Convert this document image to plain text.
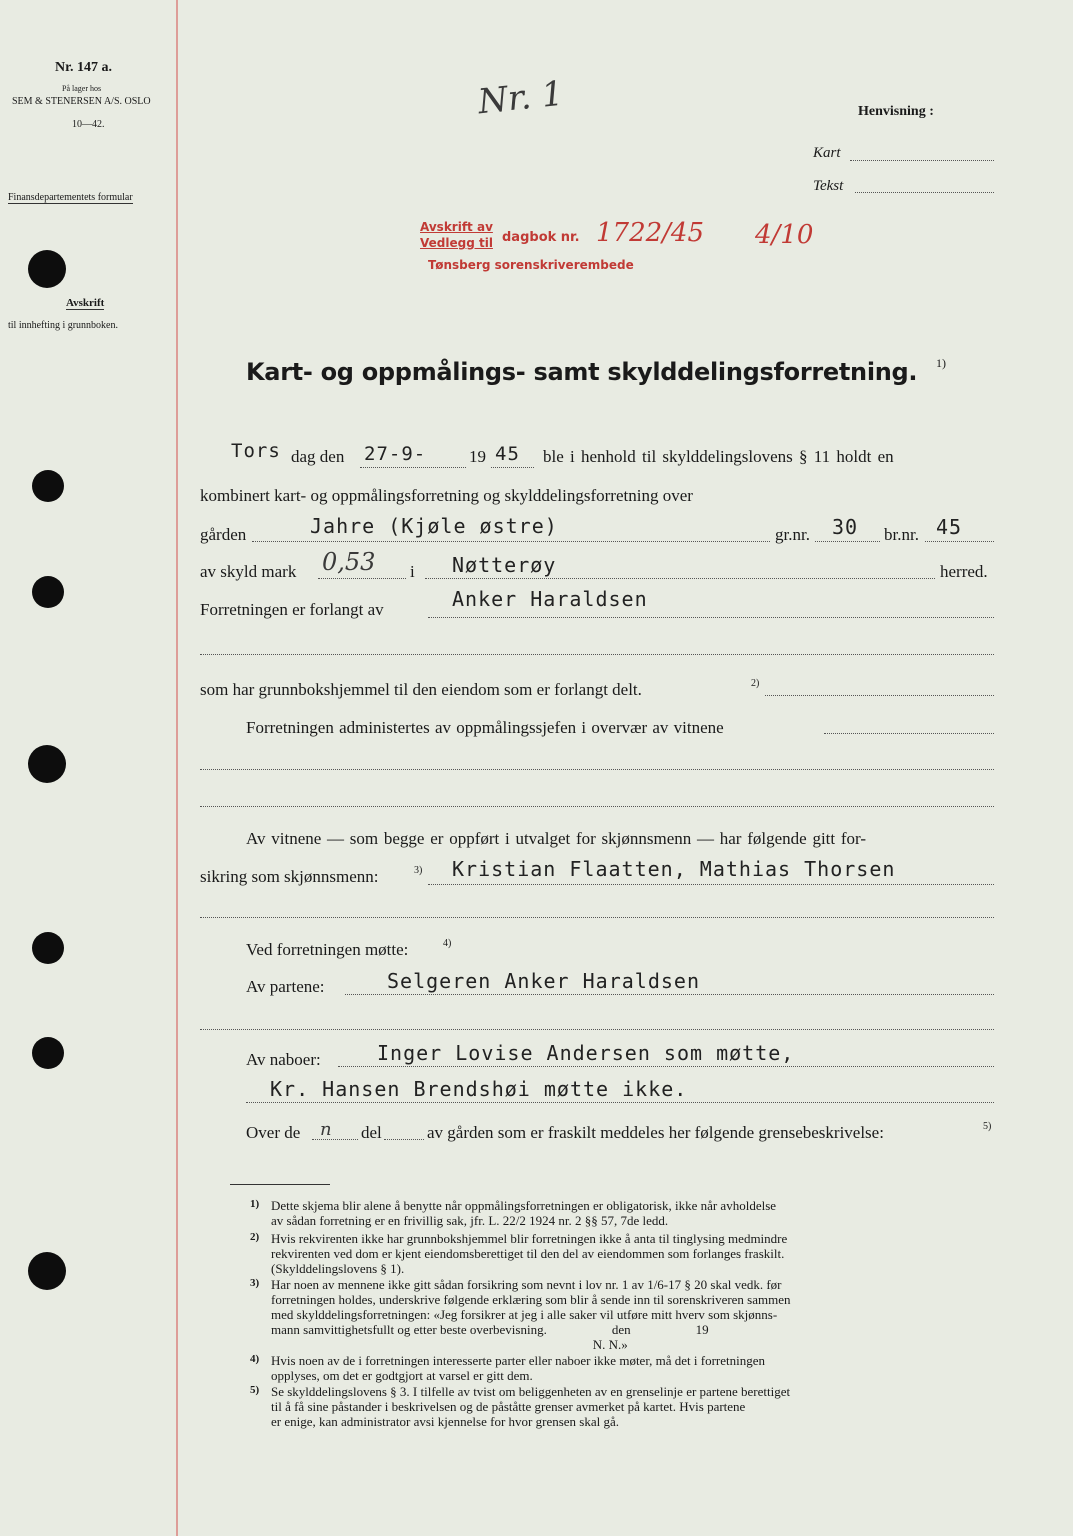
Nr. 147 a.
På lager hos
SEM & STENERSEN A/S. OSLO
10—42.
Finansdepartementets formular
Avskrift
til innhefting i grunnboken.
Nr. 1	Henvisning :
Kart
Tekst
Avskrift av
Vedlegg til dagbok nr. 1722/45 4/10
Tønsberg sorenskriverembede
Kart- og oppmålings- samt skylddelingsforretning. 1)
Tors dag den 27-9-	19 45 ble i henhold til skylddelingslovens § 11 holdt en
kombinert kart- og oppmålingsforretning og skylddelingsforretning over
gården	Jahre (Kjøle østre)	gr.nr. 30 br.nr. 45
av skyld mark 0,53 i Nøtterøy	herred.
Forretningen er forlangt av	Anker Haraldsen
som har grunnbokshjemmel til den eiendom som er forlangt delt.	2)
Forretningen administertes av oppmålingssjefen i overvær av vitnene
Av vitnene — som begge er oppført i utvalget for skjønnsmenn — har følgende gitt for-
sikring som skjønnsmenn:	3) Kristian Flaatten, Mathias Thorsen
Ved forretningen møtte:	4)
Av partene:	Selgeren Anker Haraldsen
Av naboer:	Inger Lovise Andersen som møtte,
Kr. Hansen Brendshøi møtte ikke.
Over de n del	av gården som er fraskilt meddeles her følgende grensebeskrivelse:	5)
1) Dette skjema blir alene å benytte når oppmålingsforretningen er obligatorisk, ikke når avholdelse
av sådan forretning er en frivillig sak, jfr. L. 22/2 1924 nr. 2 §§ 57, 7de ledd.
2) Hvis rekvirenten ikke har grunnbokshjemmel blir forretningen ikke å anta til tinglysing medmindre
rekvirenten ved dom er kjent eiendomsberettiget til den del av eiendommen som forlanges fraskilt.
(Skylddelingslovens § 1).
3) Har noen av mennene ikke gitt sådan forsikring som nevnt i lov nr. 1 av 1/6-17 § 20 skal vedk. før
forretningen holdes, underskrive følgende erklæring som blir å sende inn til sorenskriveren sammen
med skylddelingsforretningen: «Jeg forsikrer at jeg i alle saker vil utføre mitt hverv som skjønns-
mann samvittighetsfullt og etter beste overbevisning.                    den                    19
N. N.»
4) Hvis noen av de i forretningen interesserte parter eller naboer ikke møter, må det i forretningen
opplyses, om det er godtgjort at varsel er gitt dem.
5) Se skylddelingslovens § 3. I tilfelle av tvist om beliggenheten av en grenselinje er partene berettiget
til å få sine påstander i beskrivelsen og de påståtte grenser avmerket på kartet. Hvis partene
er enige, kan administrator avsi kjennelse for hvor grensen skal gå.
